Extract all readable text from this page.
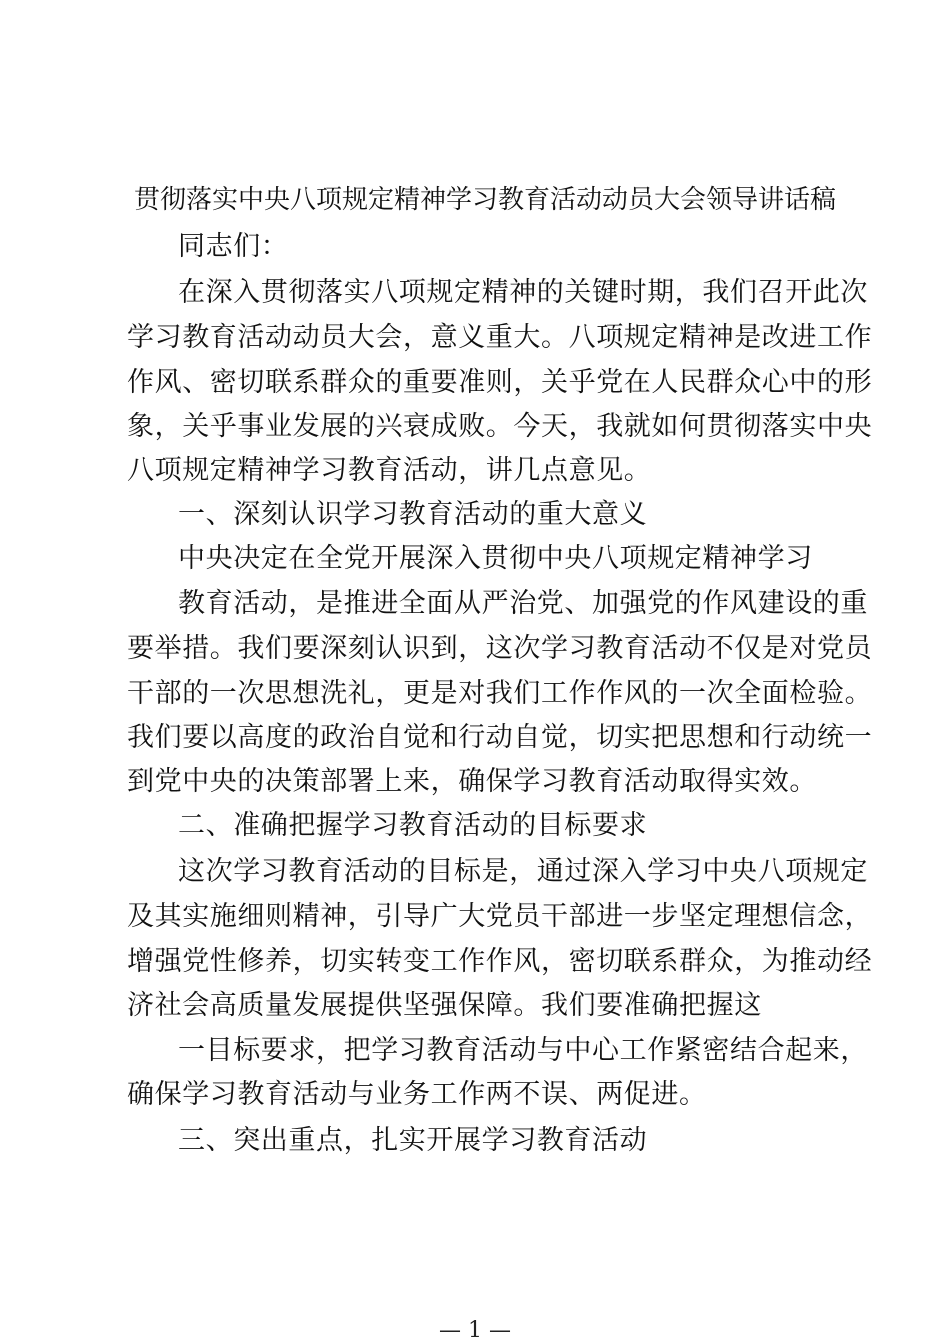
贯彻落实中央八项规定精神学习教育活动动员大会领导讲话稿
同志们：
在深入贯彻落实八项规定精神的关键时期，我们召开此次
学习教育活动动员大会，意义重大。八项规定精神是改进工作
作风、密切联系群众的重要准则，关乎党在人民群众心中的形
象，关乎事业发展的兴衰成败。今天，我就如何贯彻落实中央
八项规定精神学习教育活动，讲几点意见。
一、深刻认识学习教育活动的重大意义
中央决定在全党开展深入贯彻中央八项规定精神学习
教育活动，是推进全面从严治党、加强党的作风建设的重
要举措。我们要深刻认识到，这次学习教育活动不仅是对党员
干部的一次思想洗礼，更是对我们工作作风的一次全面检验。
我们要以高度的政治自觉和行动自觉，切实把思想和行动统一
到党中央的决策部署上来，确保学习教育活动取得实效。
二、准确把握学习教育活动的目标要求
这次学习教育活动的目标是，通过深入学习中央八项规定
及其实施细则精神，引导广大党员干部进一步坚定理想信念，
增强党性修养，切实转变工作作风，密切联系群众，为推动经
济社会高质量发展提供坚强保障。我们要准确把握这
一目标要求，把学习教育活动与中心工作紧密结合起来，
确保学习教育活动与业务工作两不误、两促进。
三、突出重点，扎实开展学习教育活动
— 1 —
